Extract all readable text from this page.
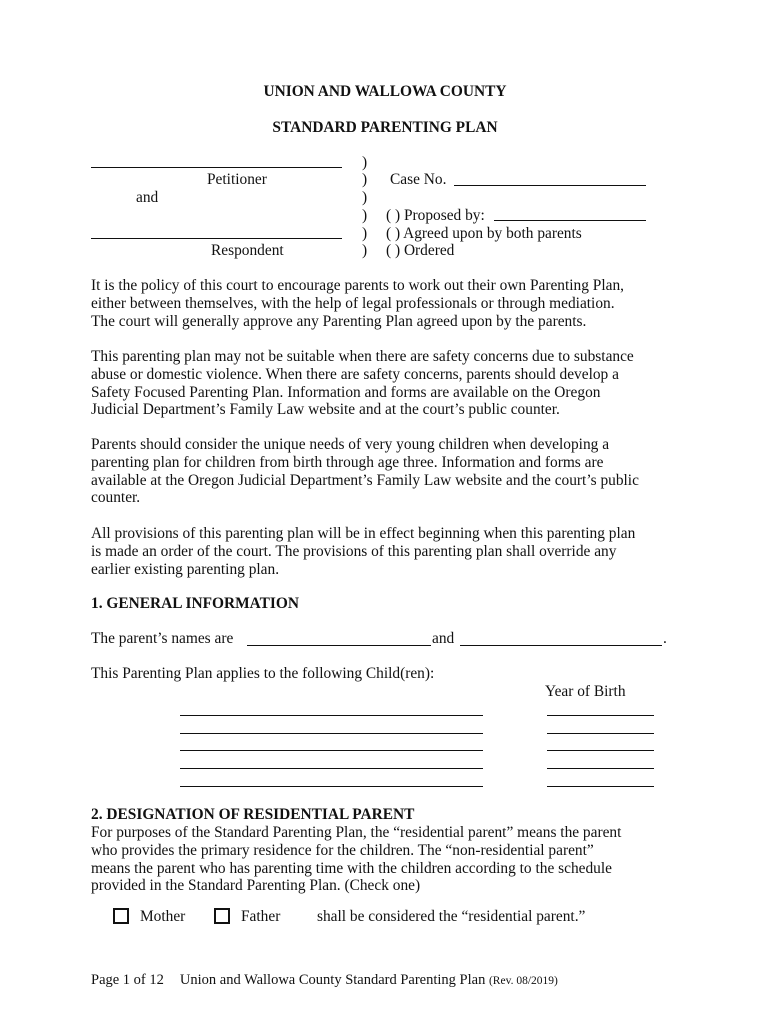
UNION AND WALLOWA COUNTY
STANDARD PARENTING PLAN
Petitioner
and
Respondent
)
)
)
)
)
)
Case No.
( ) Proposed by:
( ) Agreed upon by both parents
( ) Ordered
It is the policy of this court to encourage parents to work out their own Parenting Plan,
either between themselves, with the help of legal professionals or through mediation.
The court will generally approve any Parenting Plan agreed upon by the parents.
This parenting plan may not be suitable when there are safety concerns due to substance
abuse or domestic violence. When there are safety concerns, parents should develop a
Safety Focused Parenting Plan. Information and forms are available on the Oregon
Judicial Department’s Family Law website and at the court’s public counter.
Parents should consider the unique needs of very young children when developing a
parenting plan for children from birth through age three. Information and forms are
available at the Oregon Judicial Department’s Family Law website and the court’s public
counter.
All provisions of this parenting plan will be in effect beginning when this parenting plan
is made an order of the court. The provisions of this parenting plan shall override any
earlier existing parenting plan.
1. GENERAL INFORMATION
The parent’s names are	and	.
This Parenting Plan applies to the following Child(ren):
Year of Birth
2. DESIGNATION OF RESIDENTIAL PARENT
For purposes of the Standard Parenting Plan, the “residential parent” means the parent
who provides the primary residence for the children. The “non-residential parent”
means the parent who has parenting time with the children according to the schedule
provided in the Standard Parenting Plan. (Check one)
Mother	Father shall be considered the “residential parent.”
Page 1 of 12 Union and Wallowa County Standard Parenting Plan (Rev. 08/2019)
